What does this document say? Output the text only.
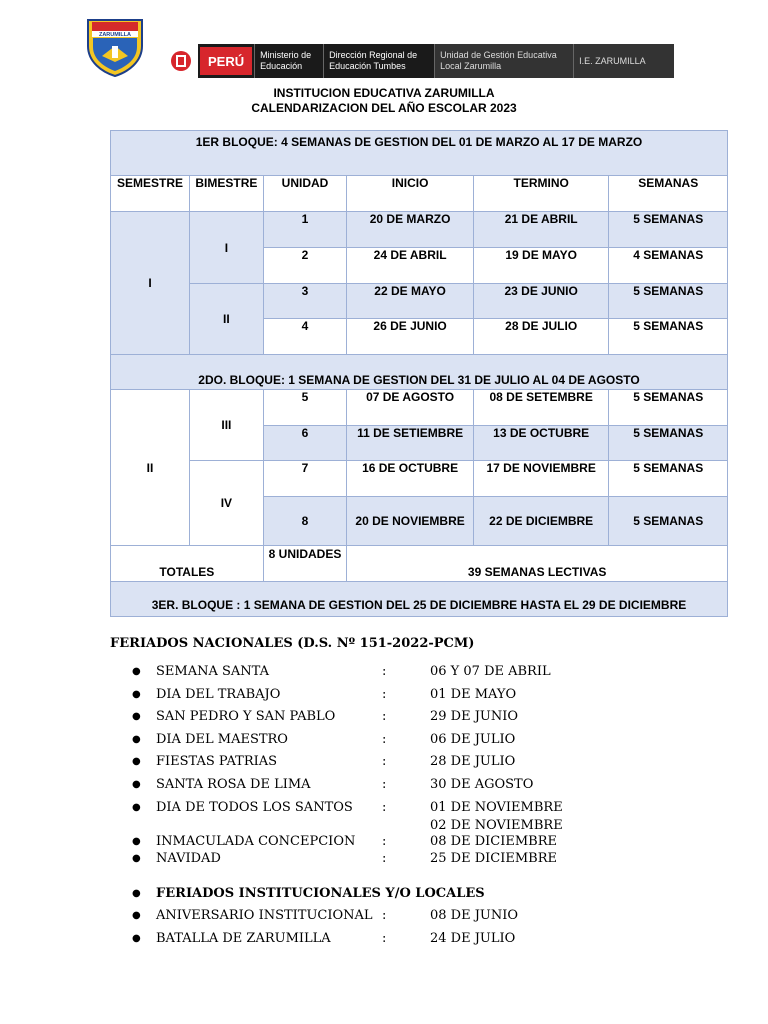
ZARUMILLA
PERÚ	Ministerio de Educación
Dirección Regional de Educación Tumbes
Unidad de Gestión Educativa Local Zarumilla
I.E. ZARUMILLA
INSTITUCION EDUCATIVA ZARUMILLA
CALENDARIZACION DEL AÑO ESCOLAR 2023
1ER BLOQUE: 4 SEMANAS DE GESTION DEL 01 DE MARZO AL 17 DE MARZO					
SEMESTRE	BIMESTRE	UNIDAD	INICIO	TERMINO	SEMANAS
I	I	1	20 DE MARZO	21 DE ABRIL	5 SEMANAS
		2	24 DE ABRIL	19 DE MAYO	4 SEMANAS
	II	3	22 DE MAYO	23 DE JUNIO	5 SEMANAS
		4	26 DE JUNIO	28 DE JULIO	5 SEMANAS
2DO. BLOQUE: 1 SEMANA DE GESTION DEL 31 DE JULIO AL 04 DE AGOSTO					
II	III	5	07 DE AGOSTO	08 DE SETEMBRE	5 SEMANAS
		6	11 DE SETIEMBRE	13 DE OCTUBRE	5 SEMANAS
	IV	7	16 DE OCTUBRE	17 DE NOVIEMBRE	5 SEMANAS
		8	20 DE NOVIEMBRE	22 DE DICIEMBRE	5 SEMANAS
TOTALES		8 UNIDADES	39 SEMANAS LECTIVAS		
3ER. BLOQUE : 1 SEMANA DE GESTION DEL 25 DE DICIEMBRE HASTA EL 29 DE DICIEMBRE					
FERIADOS NACIONALES (D.S. Nº 151-2022-PCM)
● SEMANA SANTA	:	06 Y 07 DE ABRIL
● DIA DEL TRABAJO	:	01 DE MAYO
● SAN PEDRO Y SAN PABLO	:	29 DE JUNIO
● DIA DEL MAESTRO	:	06 DE JULIO
● FIESTAS PATRIAS	:	28 DE JULIO
● SANTA ROSA DE LIMA	:	30 DE AGOSTO
● DIA DE TODOS LOS SANTOS :	01 DE NOVIEMBRE
02 DE NOVIEMBRE
● INMACULADA CONCEPCION :	08 DE DICIEMBRE
● NAVIDAD	:	25 DE DICIEMBRE
● FERIADOS INSTITUCIONALES Y/O LOCALES
● ANIVERSARIO INSTITUCIONAL :	08 DE JUNIO
● BATALLA DE ZARUMILLA	:	24 DE JULIO
